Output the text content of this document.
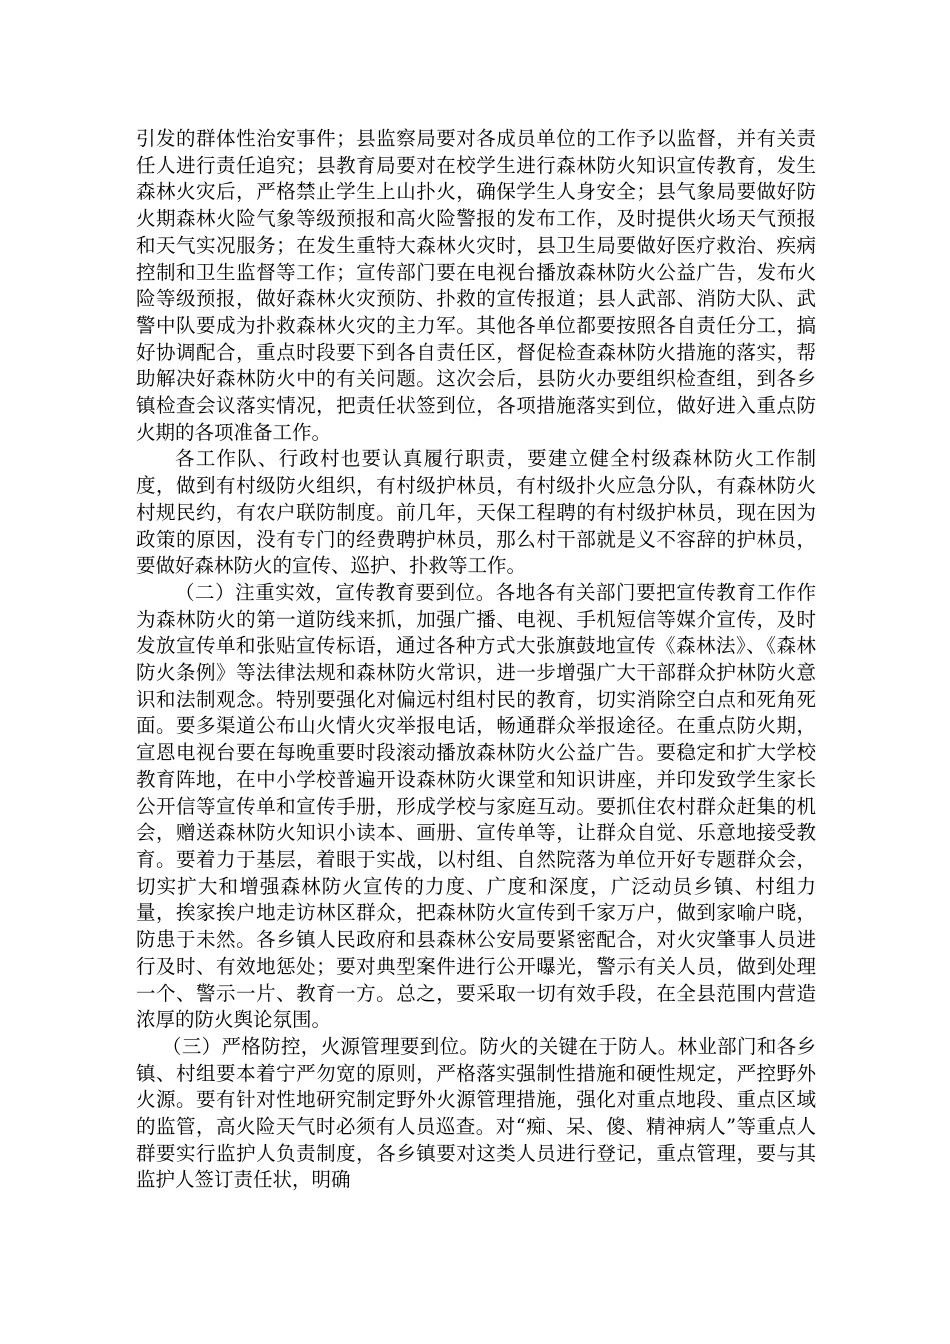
引发的群体性治安事件；县监察局要对各成员单位的工作予以监督，并有关责任人进行责任追究；县教育局要对在校学生进行森林防火知识宣传教育，发生森林火灾后，严格禁止学生上山扑火，确保学生人身安全；县气象局要做好防火期森林火险气象等级预报和高火险警报的发布工作，及时提供火场天气预报和天气实况服务；在发生重特大森林火灾时，县卫生局要做好医疗救治、疾病控制和卫生监督等工作；宣传部门要在电视台播放森林防火公益广告，发布火险等级预报，做好森林火灾预防、扑救的宣传报道；县人武部、消防大队、武警中队要成为扑救森林火灾的主力军。其他各单位都要按照各自责任分工，搞好协调配合，重点时段要下到各自责任区，督促检查森林防火措施的落实，帮助解决好森林防火中的有关问题。这次会后，县防火办要组织检查组，到各乡镇检查会议落实情况，把责任状签到位，各项措施落实到位，做好进入重点防火期的各项准备工作。

各工作队、行政村也要认真履行职责，要建立健全村级森林防火工作制度，做到有村级防火组织，有村级护林员，有村级扑火应急分队，有森林防火村规民约，有农户联防制度。前几年，天保工程聘的有村级护林员，现在因为政策的原因，没有专门的经费聘护林员，那么村干部就是义不容辞的护林员，要做好森林防火的宣传、巡护、扑救等工作。

（二）注重实效，宣传教育要到位。各地各有关部门要把宣传教育工作作为森林防火的第一道防线来抓，加强广播、电视、手机短信等媒介宣传，及时发放宣传单和张贴宣传标语，通过各种方式大张旗鼓地宣传《森林法》、《森林防火条例》等法律法规和森林防火常识，进一步增强广大干部群众护林防火意识和法制观念。特别要强化对偏远村组村民的教育，切实消除空白点和死角死面。要多渠道公布山火情火灾举报电话，畅通群众举报途径。在重点防火期，宣恩电视台要在每晚重要时段滚动播放森林防火公益广告。要稳定和扩大学校教育阵地，在中小学校普遍开设森林防火课堂和知识讲座，并印发致学生家长公开信等宣传单和宣传手册，形成学校与家庭互动。要抓住农村群众赶集的机会，赠送森林防火知识小读本、画册、宣传单等，让群众自觉、乐意地接受教育。要着力于基层，着眼于实战，以村组、自然院落为单位开好专题群众会，切实扩大和增强森林防火宣传的力度、广度和深度，广泛动员乡镇、村组力量，挨家挨户地走访林区群众，把森林防火宣传到千家万户，做到家喻户晓，防患于未然。各乡镇人民政府和县森林公安局要紧密配合，对火灾肇事人员进行及时、有效地惩处；要对典型案件进行公开曝光，警示有关人员，做到处理一个、警示一片、教育一方。总之，要采取一切有效手段，在全县范围内营造浓厚的防火舆论氛围。

（三）严格防控，火源管理要到位。防火的关键在于防人。林业部门和各乡镇、村组要本着宁严勿宽的原则，严格落实强制性措施和硬性规定，严控野外火源。要有针对性地研究制定野外火源管理措施，强化对重点地段、重点区域的监管，高火险天气时必须有人员巡查。对“痴、呆、傻、精神病人”等重点人群要实行监护人负责制度，各乡镇要对这类人员进行登记，重点管理，要与其监护人签订责任状，明确
